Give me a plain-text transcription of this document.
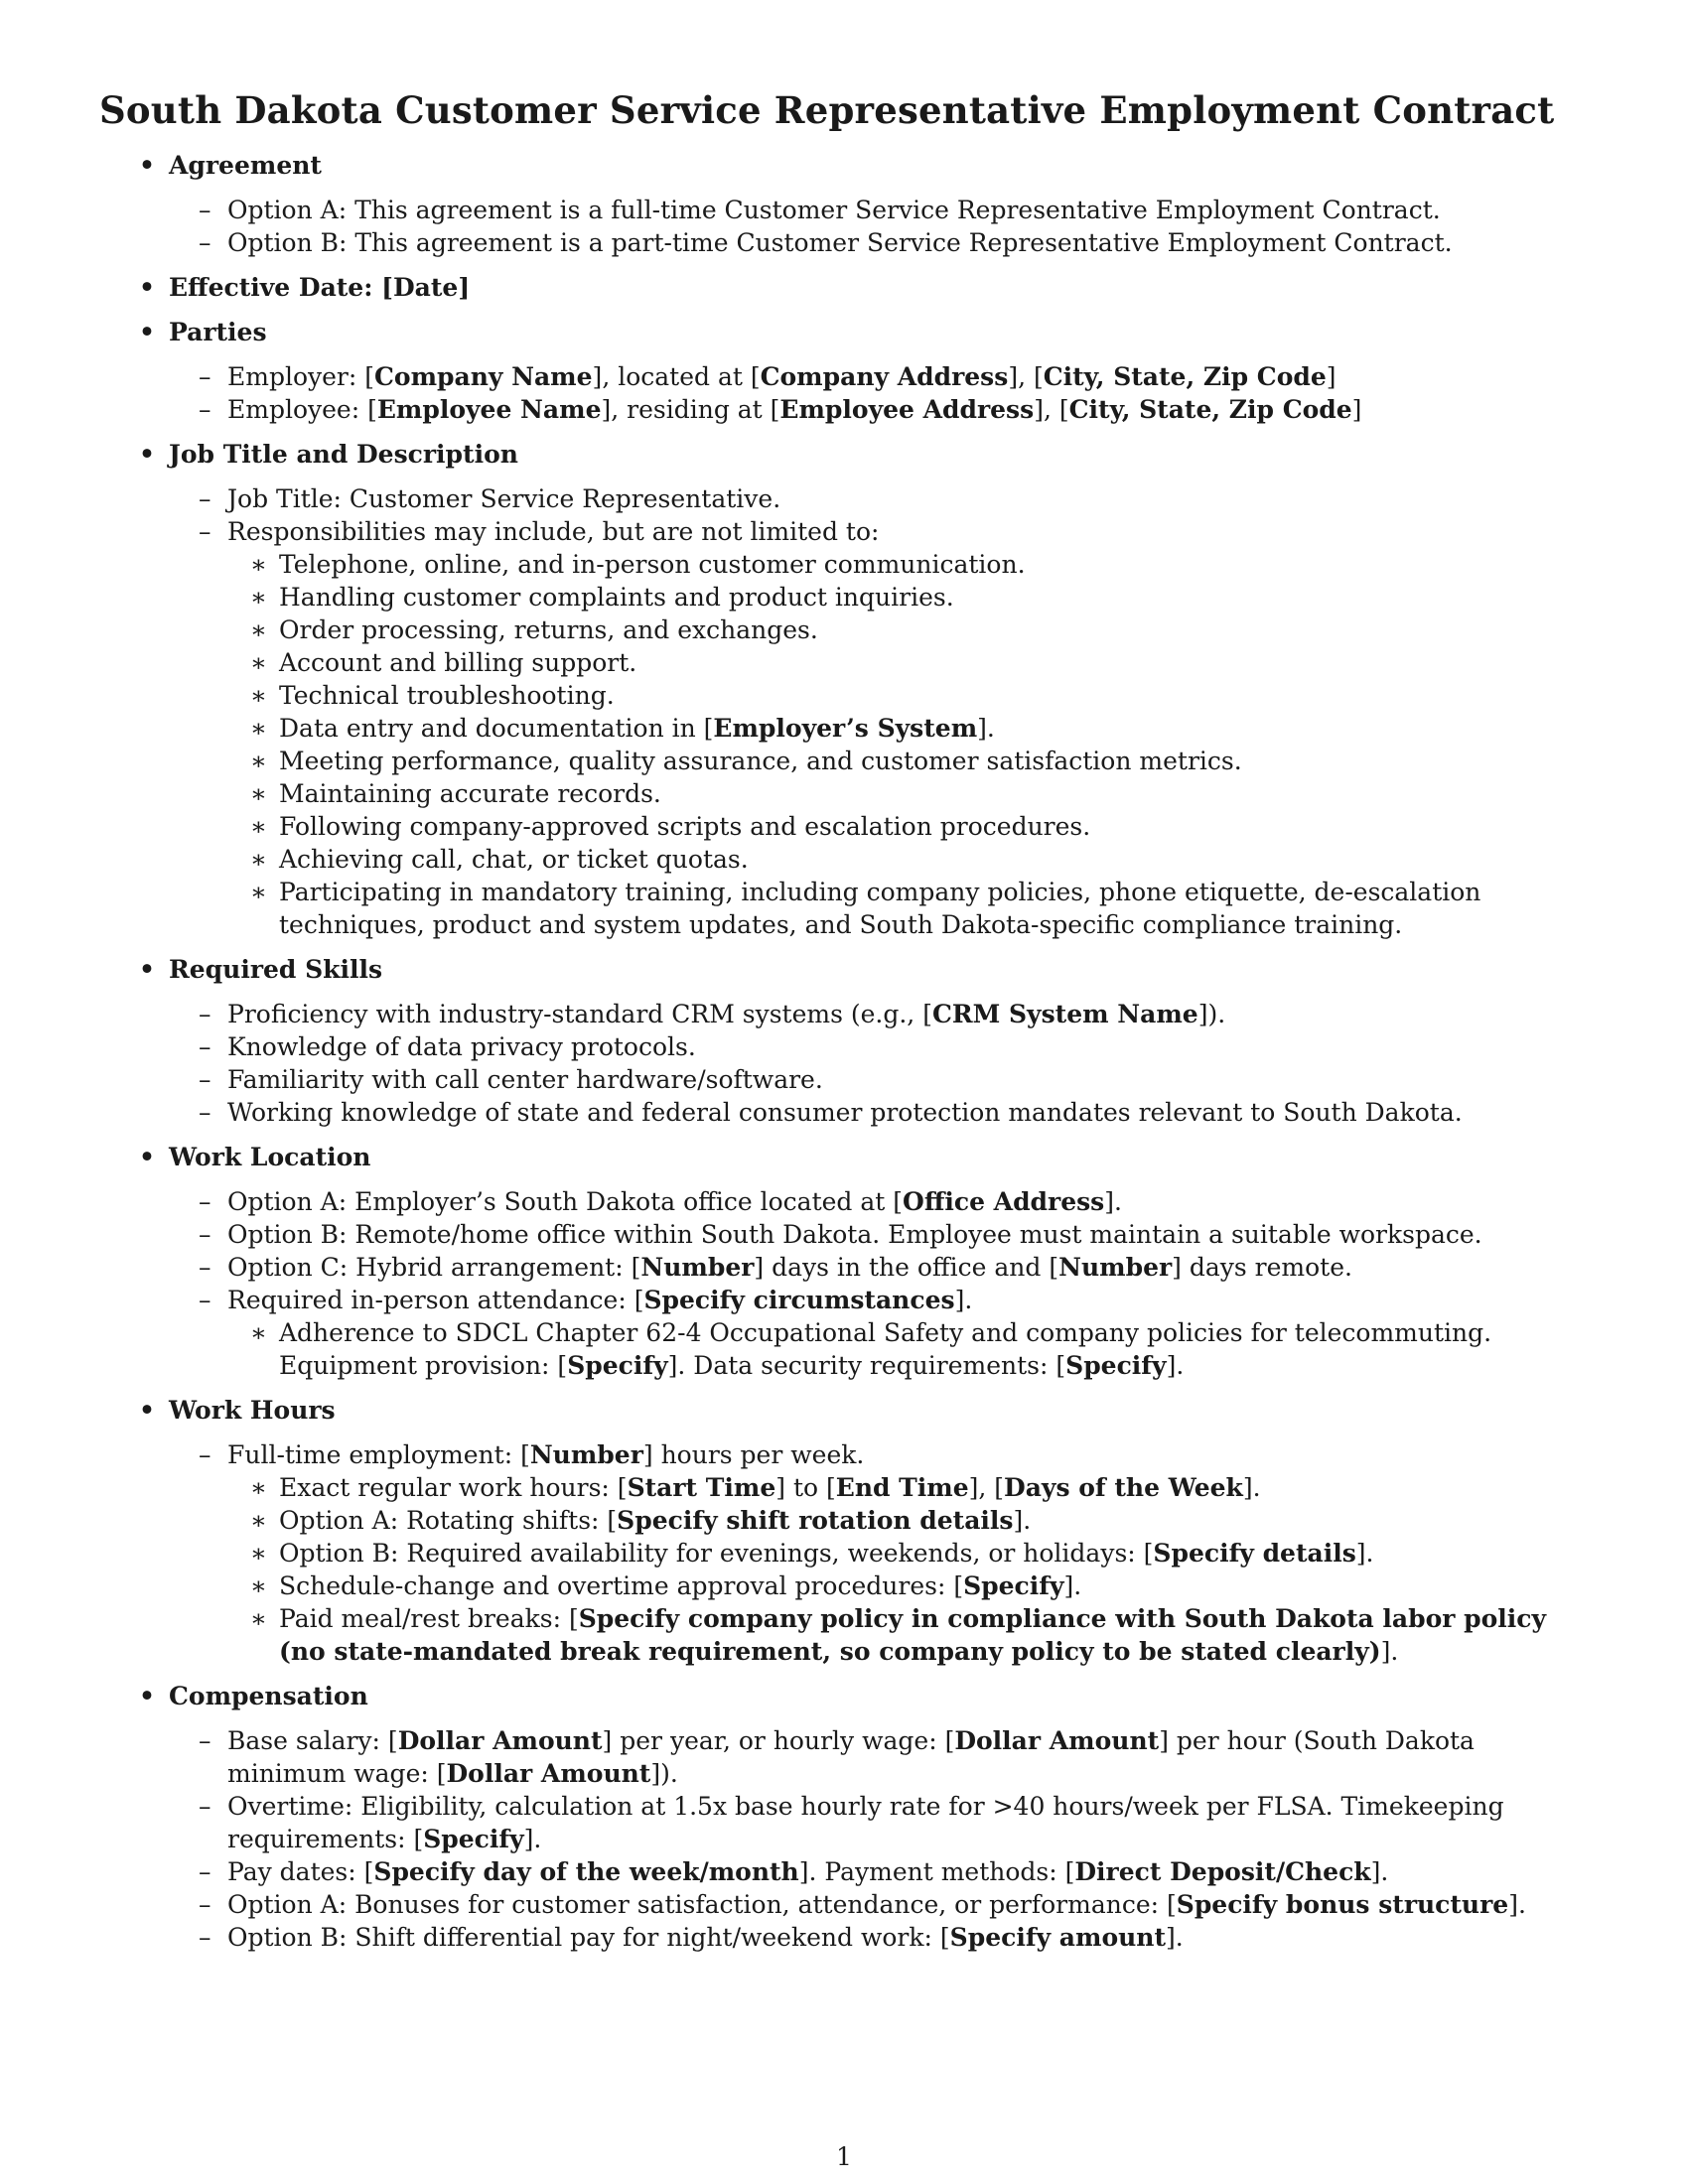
South Dakota Customer Service Representative Employment Contract
• Agreement
– Option A: This agreement is a full-time Customer Service Representative Employment Contract.
– Option B: This agreement is a part-time Customer Service Representative Employment Contract.
• Effective Date: [Date]
• Parties
– Employer: [Company Name], located at [Company Address], [City, State, Zip Code]
– Employee: [Employee Name], residing at [Employee Address], [City, State, Zip Code]
• Job Title and Description
– Job Title: Customer Service Representative.
– Responsibilities may include, but are not limited to:
∗ Telephone, online, and in-person customer communication.
∗ Handling customer complaints and product inquiries.
∗ Order processing, returns, and exchanges.
∗ Account and billing support.
∗ Technical troubleshooting.
∗ Data entry and documentation in [Employer’s System].
∗ Meeting performance, quality assurance, and customer satisfaction metrics.
∗ Maintaining accurate records.
∗ Following company-approved scripts and escalation procedures.
∗ Achieving call, chat, or ticket quotas.
∗ Participating in mandatory training, including company policies, phone etiquette, de-escalation techniques, product and system updates, and South Dakota-specific compliance training.
• Required Skills
– Proficiency with industry-standard CRM systems (e.g., [CRM System Name]).
– Knowledge of data privacy protocols.
– Familiarity with call center hardware/software.
– Working knowledge of state and federal consumer protection mandates relevant to South Dakota.
• Work Location
– Option A: Employer’s South Dakota office located at [Office Address].
– Option B: Remote/home office within South Dakota. Employee must maintain a suitable workspace.
– Option C: Hybrid arrangement: [Number] days in the office and [Number] days remote.
– Required in-person attendance: [Specify circumstances].
∗ Adherence to SDCL Chapter 62-4 Occupational Safety and company policies for telecommuting. Equipment provision: [Specify]. Data security requirements: [Specify].
• Work Hours
– Full-time employment: [Number] hours per week.
∗ Exact regular work hours: [Start Time] to [End Time], [Days of the Week].
∗ Option A: Rotating shifts: [Specify shift rotation details].
∗ Option B: Required availability for evenings, weekends, or holidays: [Specify details].
∗ Schedule-change and overtime approval procedures: [Specify].
∗ Paid meal/rest breaks: [Specify company policy in compliance with South Dakota labor policy (no state-mandated break requirement, so company policy to be stated clearly)].
• Compensation
– Base salary: [Dollar Amount] per year, or hourly wage: [Dollar Amount] per hour (South Dakota minimum wage: [Dollar Amount]).
– Overtime: Eligibility, calculation at 1.5x base hourly rate for >40 hours/week per FLSA. Timekeeping requirements: [Specify].
– Pay dates: [Specify day of the week/month]. Payment methods: [Direct Deposit/Check].
– Option A: Bonuses for customer satisfaction, attendance, or performance: [Specify bonus structure].
– Option B: Shift differential pay for night/weekend work: [Specify amount].
1
